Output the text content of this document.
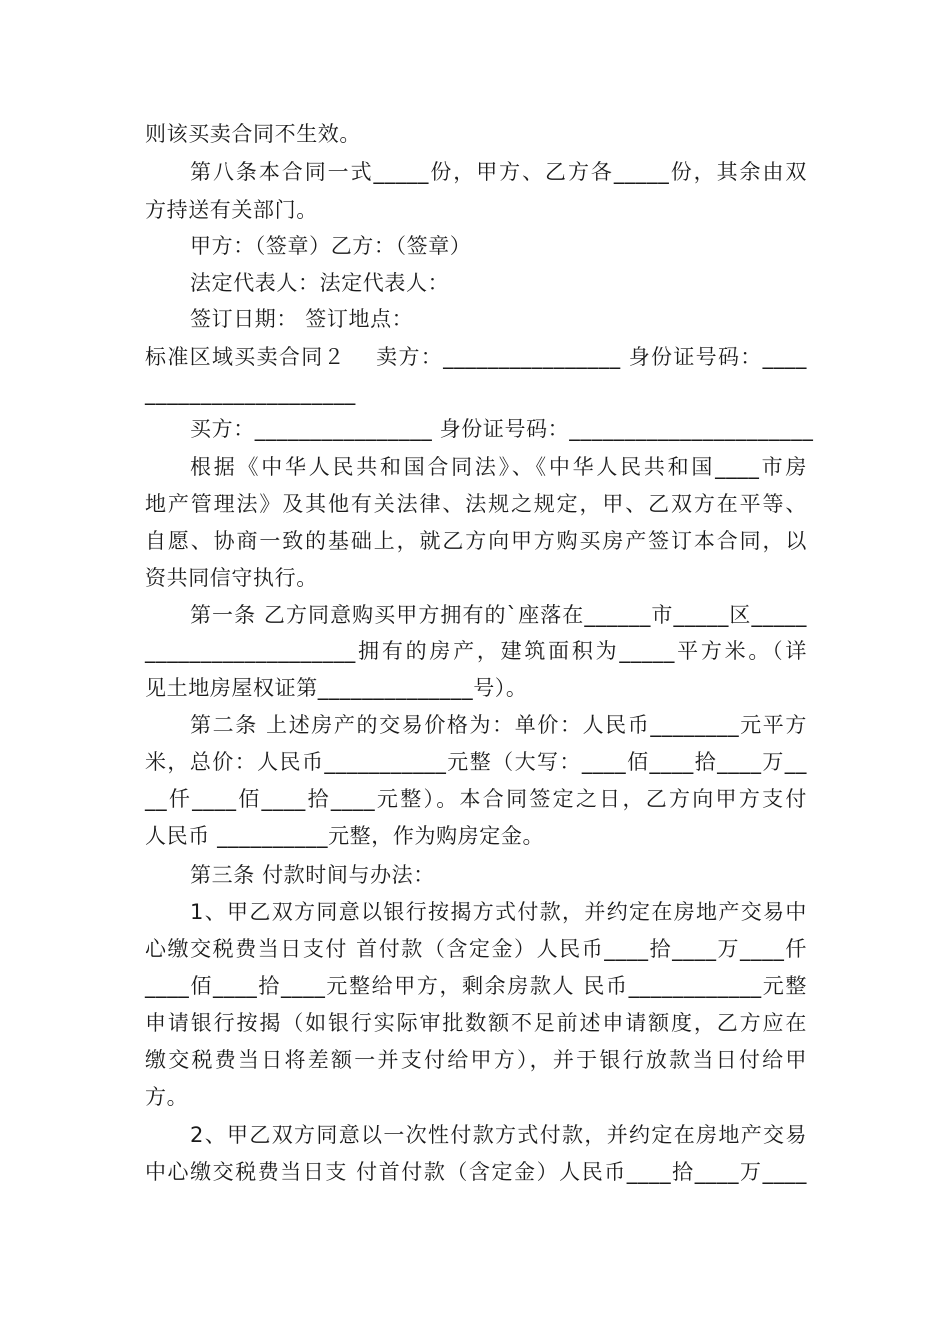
则该买卖合同不生效。
第八条本合同一式_____份，甲方、乙方各_____份，其余由双
方持送有关部门。
甲方：（签章）乙方：（签章）
法定代表人：法定代表人：
签订日期： 签订地点：
标准区域买卖合同２　 卖方：________________ 身份证号码：____
___________________
买方：________________ 身份证号码：______________________
根据《中华人民共和国合同法》、《中华人民共和国____市房
地产管理法》及其他有关法律、法规之规定，甲、乙双方在平等、
自愿、协商一致的基础上，就乙方向甲方购买房产签订本合同，以
资共同信守执行。
第一条 乙方同意购买甲方拥有的`座落在______市_____区_____
___________________拥有的房产，建筑面积为_____平方米。（详
见土地房屋权证第______________号）。
第二条 上述房产的交易价格为：单价：人民币________元平方
米，总价：人民币___________元整（大写：____佰____拾____万__
__仟____佰____拾____元整）。本合同签定之日，乙方向甲方支付
人民币 __________元整，作为购房定金。
第三条 付款时间与办法：
1、甲乙双方同意以银行按揭方式付款，并约定在房地产交易中
心缴交税费当日支付 首付款（含定金）人民币____拾____万____仟
____佰____拾____元整给甲方，剩余房款人 民币____________元整
申请银行按揭（如银行实际审批数额不足前述申请额度，乙方应在
缴交税费当日将差额一并支付给甲方），并于银行放款当日付给甲
方。
2、甲乙双方同意以一次性付款方式付款，并约定在房地产交易
中心缴交税费当日支 付首付款（含定金）人民币____拾____万____
